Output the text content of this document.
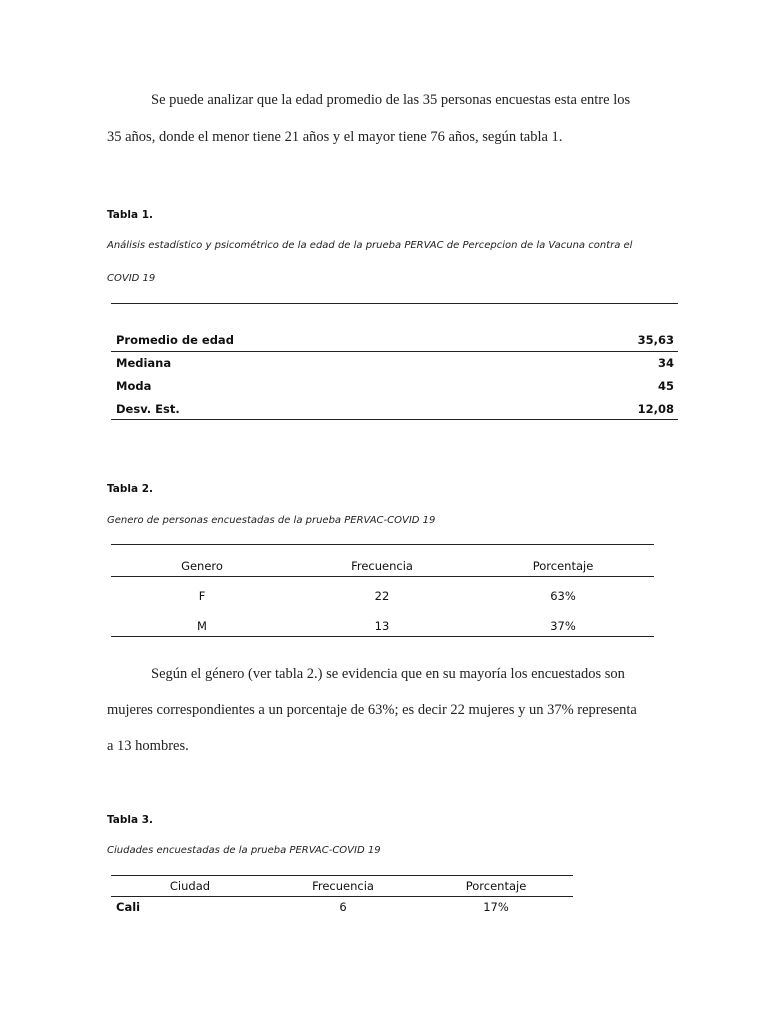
Se puede analizar que la edad promedio de las 35 personas encuestas esta entre los
35 años, donde el menor tiene 21 años y el mayor tiene 76 años, según tabla 1.
Tabla 1.
Análisis estadístico y psicométrico de la edad de la prueba PERVAC de Percepcion de la Vacuna contra el
COVID 19
Promedio de edad	35,63
Mediana	34
Moda	45
Desv. Est.	12,08
Tabla 2.
Genero de personas encuestadas de la prueba PERVAC-COVID 19
Genero	Frecuencia	Porcentaje
F	22	63%
M	13	37%
Según el género (ver tabla 2.) se evidencia que en su mayoría los encuestados son
mujeres correspondientes a un porcentaje de 63%; es decir 22 mujeres y un 37% representa
a 13 hombres.
Tabla 3.
Ciudades encuestadas de la prueba PERVAC-COVID 19
Ciudad	Frecuencia	Porcentaje
Cali	6	17%
